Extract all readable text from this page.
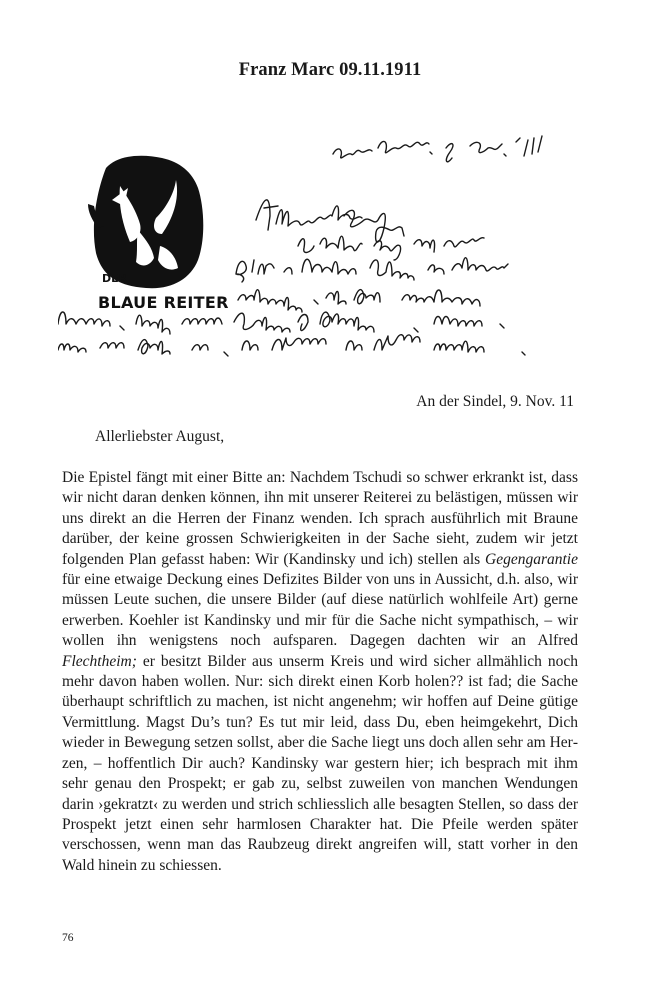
Franz Marc 09.11.1911
DER
BLAUE REITER
An der Sindel, 9. Nov. 11
Allerliebster August,
Die Epistel fängt mit einer Bitte an: Nachdem Tschudi so schwer erkrankt ist, dass wir nicht daran denken können, ihn mit unserer Reiterei zu belästigen, müssen wir uns direkt an die Herren der Finanz wenden. Ich sprach ausführlich mit Braune darüber, der keine grossen Schwierigkeiten in der Sache sieht, zudem wir jetzt folgenden Plan gefasst haben: Wir (Kandinsky und ich) stellen als Gegengarantie für eine etwaige Deckung eines Defizites Bilder von uns in Aussicht, d.h. also, wir müssen Leute suchen, die unsere Bilder (auf diese natürlich wohlfeile Art) gerne erwerben. Koehler ist Kandinsky und mir für die Sache nicht sympathisch, – wir wollen ihn wenigstens noch aufsparen. Dagegen dachten wir an Alfred Flechtheim; er besitzt Bilder aus unserm Kreis und wird sicher allmählich noch mehr davon haben wollen. Nur: sich direkt einen Korb holen?? ist fad; die Sache überhaupt schriftlich zu machen, ist nicht angenehm; wir hoffen auf Deine gütige Vermittlung. Magst Du’s tun? Es tut mir leid, dass Du, eben heimgekehrt, Dich wieder in Bewegung setzen sollst, aber die Sache liegt uns doch allen sehr am Herzen, – hoffentlich Dir auch? Kandinsky war gestern hier; ich besprach mit ihm sehr genau den Prospekt; er gab zu, selbst zuweilen von manchen Wendungen darin ›gekratzt‹ zu werden und strich schliesslich alle besagten Stellen, so dass der Prospekt jetzt einen sehr harmlosen Charakter hat. Die Pfeile werden später verschossen, wenn man das Raubzeug direkt angreifen will, statt vorher in den Wald hinein zu schiessen.
76
